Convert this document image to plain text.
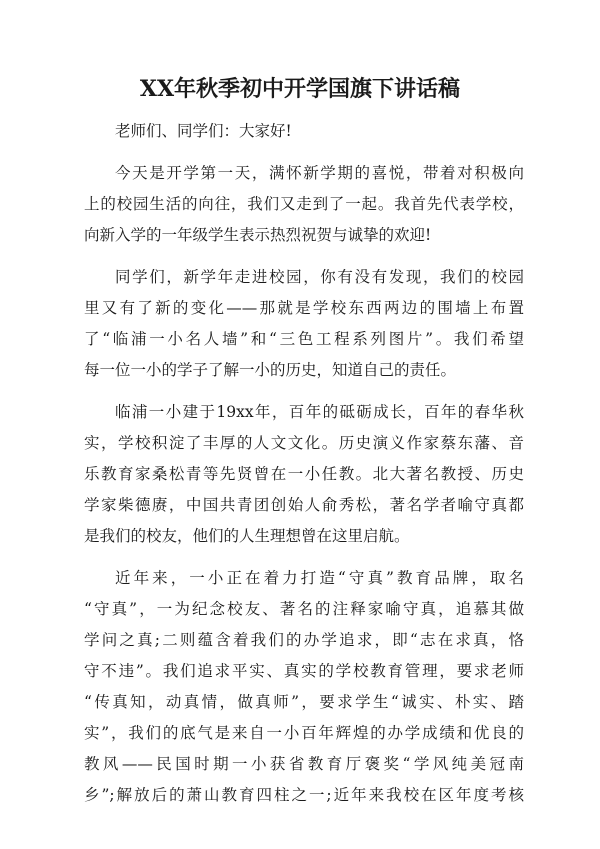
XX年秋季初中开学国旗下讲话稿
老师们、同学们：大家好!
今天是开学第一天，满怀新学期的喜悦，带着对积极向
上的校园生活的向往，我们又走到了一起。我首先代表学校，
向新入学的一年级学生表示热烈祝贺与诚挚的欢迎!
同学们，新学年走进校园，你有没有发现，我们的校园
里又有了新的变化——那就是学校东西两边的围墙上布置
了“临浦一小名人墙”和“三色工程系列图片”。我们希望
每一位一小的学子了解一小的历史，知道自己的责任。
临浦一小建于19xx年，百年的砥砺成长，百年的春华秋
实，学校积淀了丰厚的人文文化。历史演义作家蔡东藩、音
乐教育家桑松青等先贤曾在一小任教。北大著名教授、历史
学家柴德赓，中国共青团创始人俞秀松，著名学者喻守真都
是我们的校友，他们的人生理想曾在这里启航。
近年来，一小正在着力打造“守真”教育品牌，取名
“守真”，一为纪念校友、著名的注释家喻守真，追慕其做
学问之真;二则蕴含着我们的办学追求，即“志在求真，恪
守不违”。我们追求平实、真实的学校教育管理，要求老师
“传真知，动真情，做真师”，要求学生“诚实、朴实、踏
实”，我们的底气是来自一小百年辉煌的办学成绩和优良的
教风——民国时期一小获省教育厅褒奖“学风纯美冠南
乡”;解放后的萧山教育四柱之一;近年来我校在区年度考核
